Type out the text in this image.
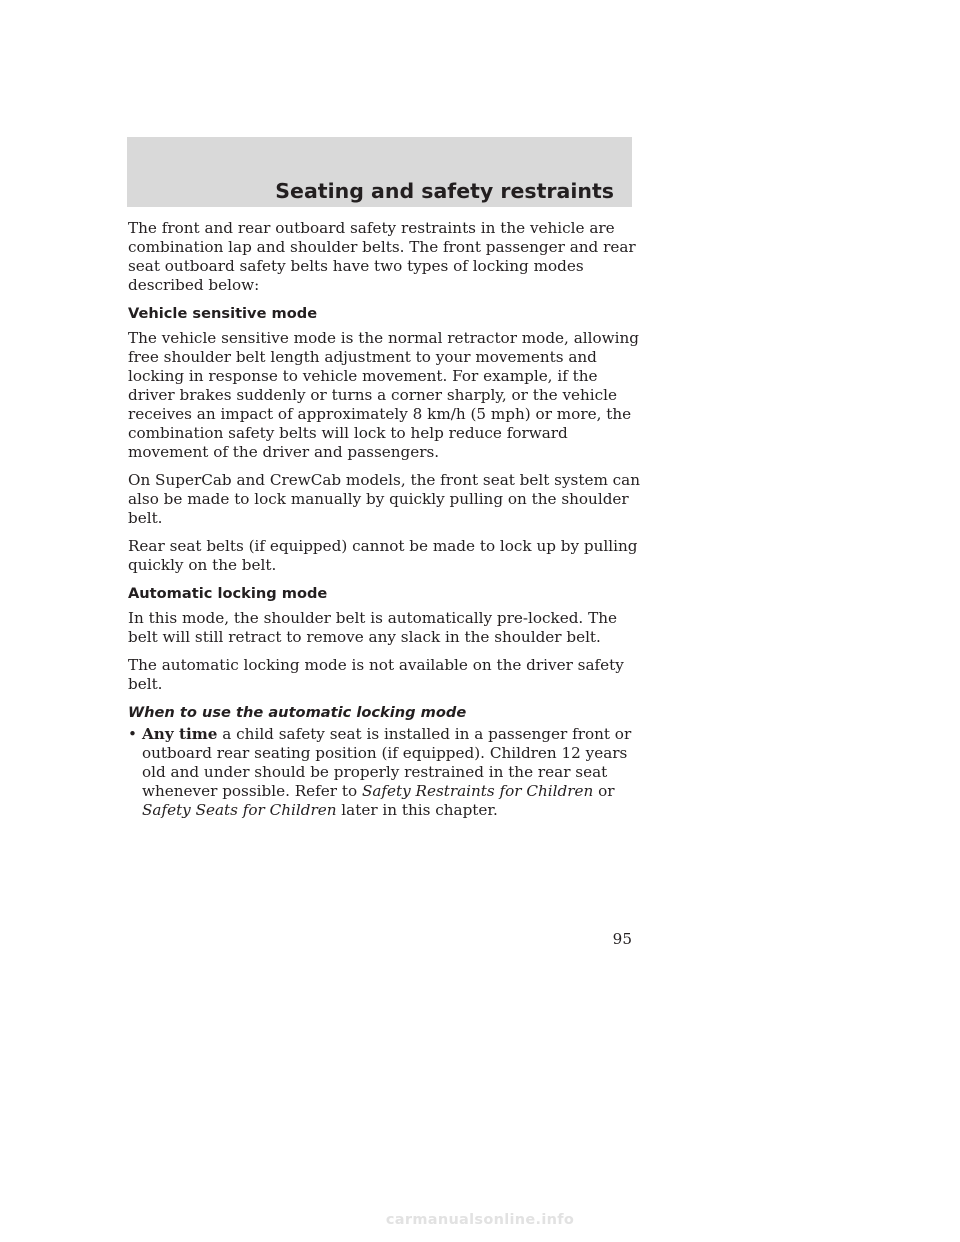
Seating and safety restraints

The front and rear outboard safety restraints in the vehicle are combination lap and shoulder belts. The front passenger and rear seat outboard safety belts have two types of locking modes described below:

Vehicle sensitive mode

The vehicle sensitive mode is the normal retractor mode, allowing free shoulder belt length adjustment to your movements and locking in response to vehicle movement. For example, if the driver brakes suddenly or turns a corner sharply, or the vehicle receives an impact of approximately 8 km/h (5 mph) or more, the combination safety belts will lock to help reduce forward movement of the driver and passengers.

On SuperCab and CrewCab models, the front seat belt system can also be made to lock manually by quickly pulling on the shoulder belt.

Rear seat belts (if equipped) cannot be made to lock up by pulling quickly on the belt.

Automatic locking mode

In this mode, the shoulder belt is automatically pre-locked. The belt will still retract to remove any slack in the shoulder belt.

The automatic locking mode is not available on the driver safety belt.

When to use the automatic locking mode
• Any time a child safety seat is installed in a passenger front or outboard rear seating position (if equipped). Children 12 years old and under should be properly restrained in the rear seat whenever possible. Refer to Safety Restraints for Children or Safety Seats for Children later in this chapter.
95
carmanualsonline.info
